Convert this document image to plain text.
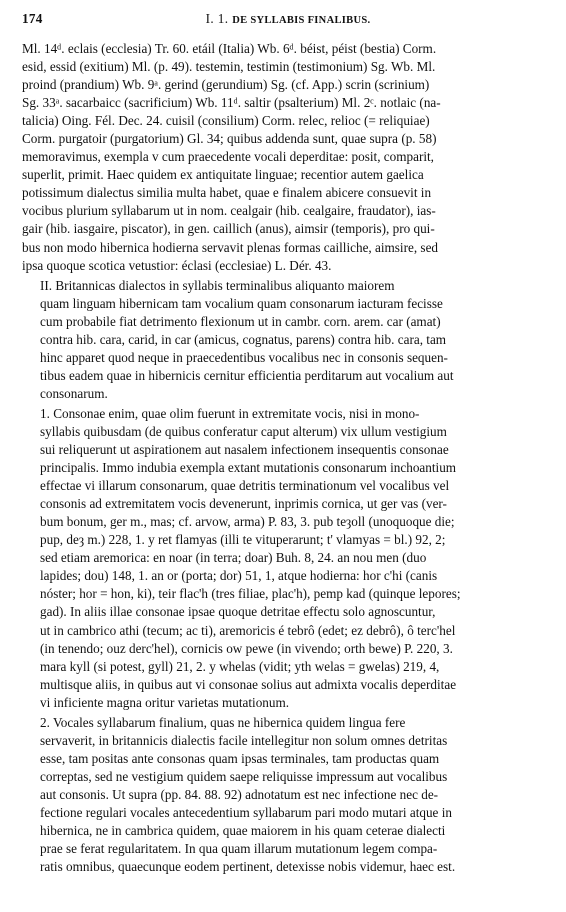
174	I. 1. DE SYLLABIS FINALIBUS.
Ml. 14ᵈ. eclais (ecclesia) Tr. 60. etáil (Italia) Wb. 6ᵈ. béist, péist (bestia) Corm.
esid, essid (exitium) Ml. (p. 49). testemin, testimin (testimonium) Sg. Wb. Ml.
proind (prandium) Wb. 9ᵃ. gerind (gerundium) Sg. (cf. App.) scrin (scrinium)
Sg. 33ᵃ. sacarbaicc (sacrificium) Wb. 11ᵈ. saltir (psalterium) Ml. 2ᶜ. notlaic (na-
talicia) Oing. Fél. Dec. 24. cuisil (consilium) Corm. relec, relioc (= reliquiae)
Corm. purgatoir (purgatorium) Gl. 34; quibus addenda sunt, quae supra (p. 58)
memoravimus, exempla v cum praecedente vocali deperditae: posit, comparit,
superlit, primit. Haec quidem ex antiquitate linguae; recentior autem gaelica
potissimum dialectus similia multa habet, quae e finalem abicere consuevit in
vocibus plurium syllabarum ut in nom. cealgair (hib. cealgaire, fraudator), ias-
gair (hib. iasgaire, piscator), in gen. caillich (anus), aimsir (temporis), pro qui-
bus non modo hibernica hodierna servavit plenas formas cailliche, aimsire, sed
ipsa quoque scotica vetustior: éclasi (ecclesiae) L. Dér. 43.
II. Britannicas dialectos in syllabis terminalibus aliquanto maiorem
quam linguam hibernicam tam vocalium quam consonarum iacturam fecisse
cum probabile fiat detrimento flexionum ut in cambr. corn. arem. car (amat)
contra hib. cara, carid, in car (amicus, cognatus, parens) contra hib. cara, tam
hinc apparet quod neque in praecedentibus vocalibus nec in consonis sequen-
tibus eadem quae in hibernicis cernitur efficientia perditarum aut vocalium aut
consonarum.
1. Consonae enim, quae olim fuerunt in extremitate vocis, nisi in mono-
syllabis quibusdam (de quibus conferatur caput alterum) vix ullum vestigium
sui reliquerunt ut aspirationem aut nasalem infectionem insequentis consonae
principalis. Immo indubia exempla extant mutationis consonarum inchoantium
effectae vi illarum consonarum, quae detritis terminationum vel vocalibus vel
consonis ad extremitatem vocis devenerunt, inprimis cornica, ut ger vas (ver-
bum bonum, ger m., mas; cf. arvow, arma) P. 83, 3. pub teȝoll (unoquoque die;
pup, deȝ m.) 228, 1. y ret flamyas (illi te vituperarunt; t' vlamyas = bl.) 92, 2;
sed etiam aremorica: en noar (in terra; doar) Buh. 8, 24. an nou men (duo
lapides; dou) 148, 1. an or (porta; dor) 51, 1, atque hodierna: hor c'hi (canis
nóster; hor = hon, ki), teir flac'h (tres filiae, plac'h), pemp kad (quinque lepores;
gad). In aliis illae consonae ipsae quoque detritae effectu solo agnoscuntur,
ut in cambrico athi (tecum; ac ti), aremoricis é tebrô (edet; ez debrô), ô terc'hel
(in tenendo; ouz derc'hel), cornicis ow pewe (in vivendo; orth bewe) P. 220, 3.
mara kyll (si potest, gyll) 21, 2. y whelas (vidit; yth welas = gwelas) 219, 4,
multisque aliis, in quibus aut vi consonae solius aut admixta vocalis deperditae
vi inficiente magna oritur varietas mutationum.
2. Vocales syllabarum finalium, quas ne hibernica quidem lingua fere
servaverit, in britannicis dialectis facile intellegitur non solum omnes detritas
esse, tam positas ante consonas quam ipsas terminales, tam productas quam
correptas, sed ne vestigium quidem saepe reliquisse impressum aut vocalibus
aut consonis. Ut supra (pp. 84. 88. 92) adnotatum est nec infectione nec de-
fectione regulari vocales antecedentium syllabarum pari modo mutari atque in
hibernica, ne in cambrica quidem, quae maiorem in his quam ceterae dialecti
prae se ferat regularitatem. In qua quam illarum mutationum legem compa-
ratis omnibus, quaecunque eodem pertinent, detexisse nobis videmur, haec est.
